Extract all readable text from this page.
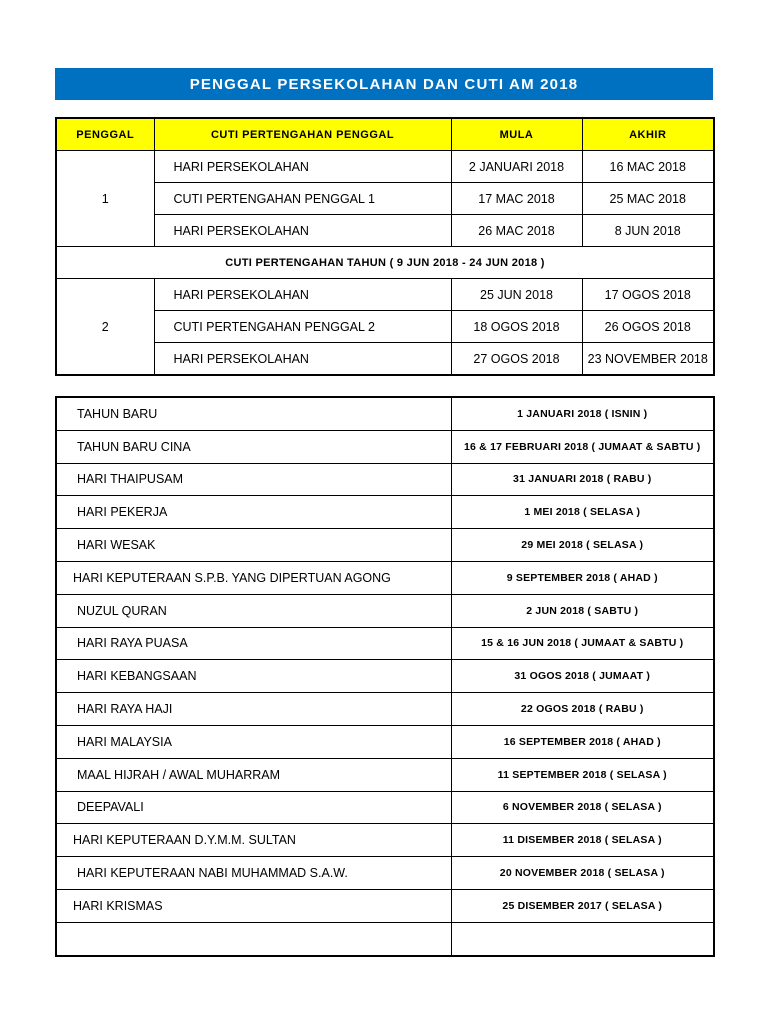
PENGGAL PERSEKOLAHAN DAN CUTI AM 2018
PENGGAL	CUTI PERTENGAHAN PENGGAL	MULA	AKHIR
1	HARI PERSEKOLAHAN	2 JANUARI 2018	16 MAC 2018
	CUTI PERTENGAHAN PENGGAL 1	17 MAC 2018	25 MAC 2018
	HARI PERSEKOLAHAN	26 MAC 2018	8 JUN 2018
CUTI PERTENGAHAN TAHUN ( 9 JUN 2018 - 24 JUN 2018 )			
2	HARI PERSEKOLAHAN	25 JUN 2018	17 OGOS 2018
	CUTI PERTENGAHAN PENGGAL 2	18 OGOS 2018	26 OGOS 2018
	HARI PERSEKOLAHAN	27 OGOS 2018	23 NOVEMBER 2018
TAHUN BARU	1 JANUARI 2018 ( ISNIN )
TAHUN BARU CINA	16 & 17 FEBRUARI 2018 ( JUMAAT & SABTU )
HARI THAIPUSAM	31 JANUARI 2018 ( RABU )
HARI PEKERJA	1 MEI 2018 ( SELASA )
HARI WESAK	29 MEI 2018 ( SELASA )
HARI KEPUTERAAN S.P.B. YANG DIPERTUAN AGONG	9 SEPTEMBER 2018 ( AHAD )
NUZUL QURAN	2 JUN 2018 ( SABTU )
HARI RAYA PUASA	15 & 16 JUN 2018 ( JUMAAT & SABTU )
HARI KEBANGSAAN	31 OGOS 2018 ( JUMAAT )
HARI RAYA HAJI	22 OGOS 2018 ( RABU )
HARI MALAYSIA	16 SEPTEMBER 2018 ( AHAD )
MAAL HIJRAH / AWAL MUHARRAM	11 SEPTEMBER 2018 ( SELASA )
DEEPAVALI	6 NOVEMBER 2018 ( SELASA )
HARI KEPUTERAAN D.Y.M.M. SULTAN	11 DISEMBER 2018 ( SELASA )
HARI KEPUTERAAN NABI MUHAMMAD S.A.W.	20 NOVEMBER 2018 ( SELASA )
HARI KRISMAS	25 DISEMBER 2017 ( SELASA )
